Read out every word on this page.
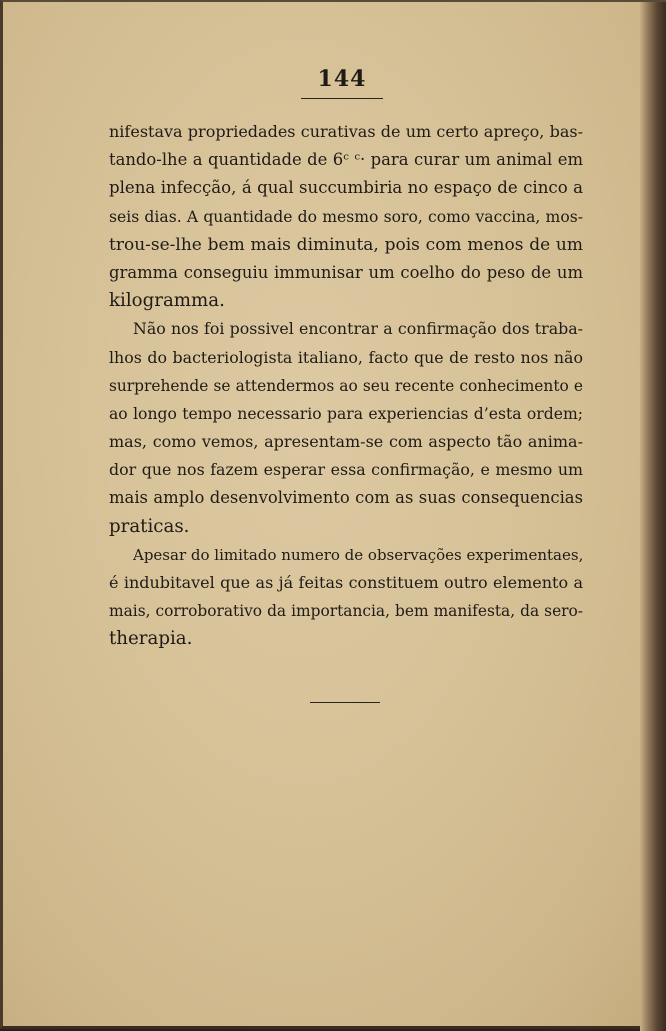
144
nifestava propriedades curativas de um certo apreço, bas-
tando-lhe a quantidade de 6ᶜ ᶜ· para curar um animal em
plena infecção, á qual succumbiria no espaço de cinco a
seis dias. A quantidade do mesmo soro, como vaccina, mos-
trou-se-lhe bem mais diminuta, pois com menos de um
gramma conseguiu immunisar um coelho do peso de um
kilogramma.
Não nos foi possivel encontrar a confirmação dos traba-
lhos do bacteriologista italiano, facto que de resto nos não
surprehende se attendermos ao seu recente conhecimento e
ao longo tempo necessario para experiencias d’esta ordem;
mas, como vemos, apresentam-se com aspecto tão anima-
dor que nos fazem esperar essa confirmação, e mesmo um
mais amplo desenvolvimento com as suas consequencias
praticas.
Apesar do limitado numero de observações experimentaes,
é indubitavel que as já feitas constituem outro elemento a
mais, corroborativo da importancia, bem manifesta, da sero-
therapia.
